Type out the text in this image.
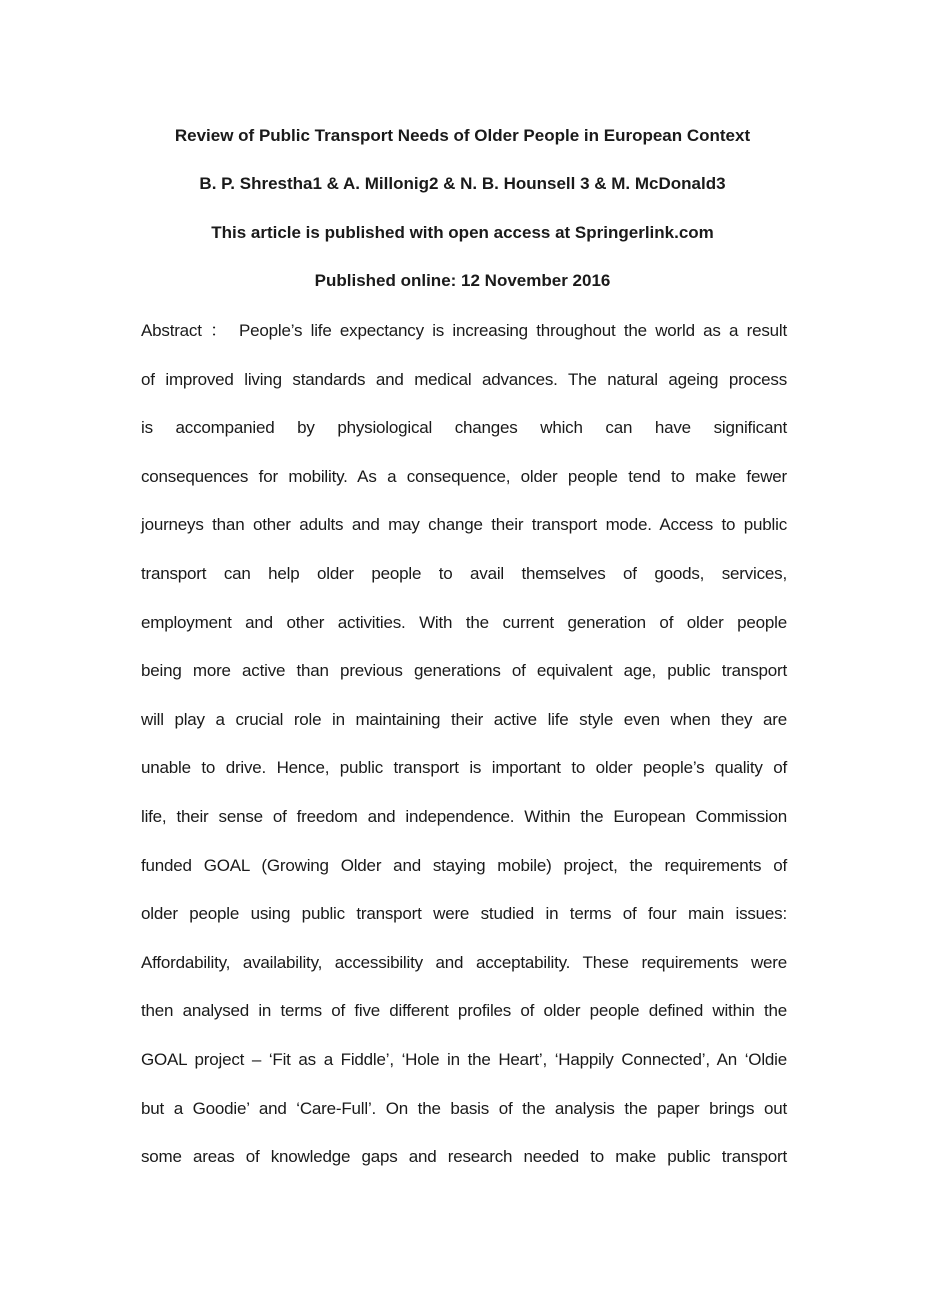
Review of Public Transport Needs of Older People in European Context
B. P. Shrestha1 & A. Millonig2 & N. B. Hounsell 3 & M. McDonald3
This article is published with open access at Springerlink.com
Published online: 12 November 2016
Abstract ： People’s life expectancy is increasing throughout the world as a result
of improved living standards and medical advances. The natural ageing process
is accompanied by physiological changes which can have significant
consequences for mobility. As a consequence, older people tend to make fewer
journeys than other adults and may change their transport mode. Access to public
transport can help older people to avail themselves of goods, services,
employment and other activities. With the current generation of older people
being more active than previous generations of equivalent age, public transport
will play a crucial role in maintaining their active life style even when they are
unable to drive. Hence, public transport is important to older people’s quality of
life, their sense of freedom and independence. Within the European Commission
funded GOAL (Growing Older and staying mobile) project, the requirements of
older people using public transport were studied in terms of four main issues:
Affordability, availability, accessibility and acceptability. These requirements were
then analysed in terms of five different profiles of older people defined within the
GOAL project – ‘Fit as a Fiddle’, ‘Hole in the Heart’, ‘Happily Connected’, An ‘Oldie
but a Goodie’ and ‘Care-Full’. On the basis of the analysis the paper brings out
some areas of knowledge gaps and research needed to make public transport
